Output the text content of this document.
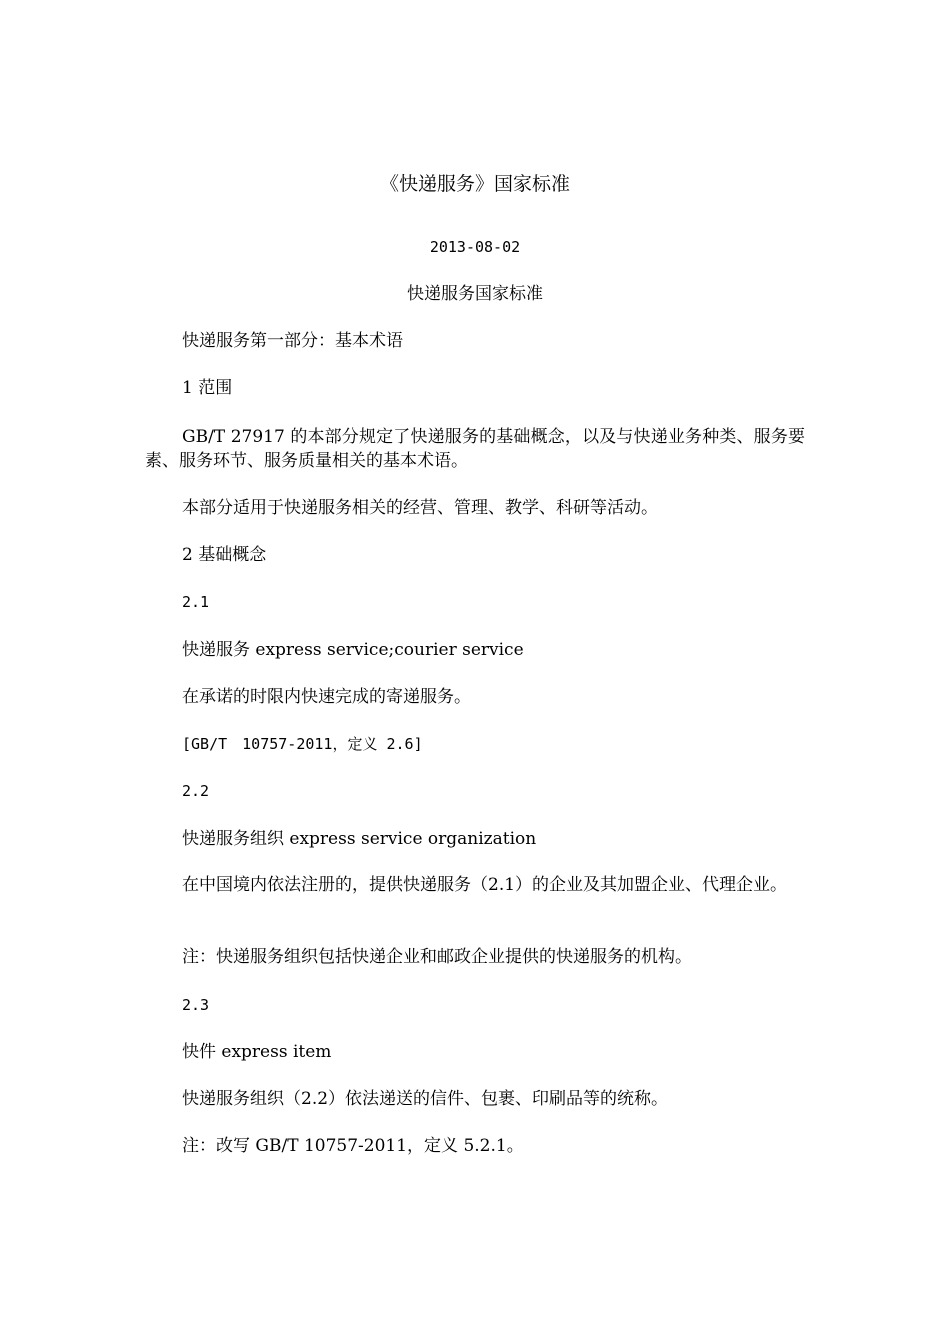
《快递服务》国家标准
2013-08-02
快递服务国家标准
快递服务第一部分：基本术语
1 范围
GB/T 27917 的本部分规定了快递服务的基础概念，以及与快递业务种类、服务要素、服务环节、服务质量相关的基本术语。
本部分适用于快递服务相关的经营、管理、教学、科研等活动。
2 基础概念
2.1
快递服务 express service;courier service
在承诺的时限内快速完成的寄递服务。
[GB/T　10757-2011，定义 2.6]
2.2
快递服务组织 express service organization
在中国境内依法注册的，提供快递服务（2.1）的企业及其加盟企业、代理企业。
注：快递服务组织包括快递企业和邮政企业提供的快递服务的机构。
2.3
快件 express item
快递服务组织（2.2）依法递送的信件、包裹、印刷品等的统称。
注：改写 GB/T 10757-2011，定义 5.2.1。
